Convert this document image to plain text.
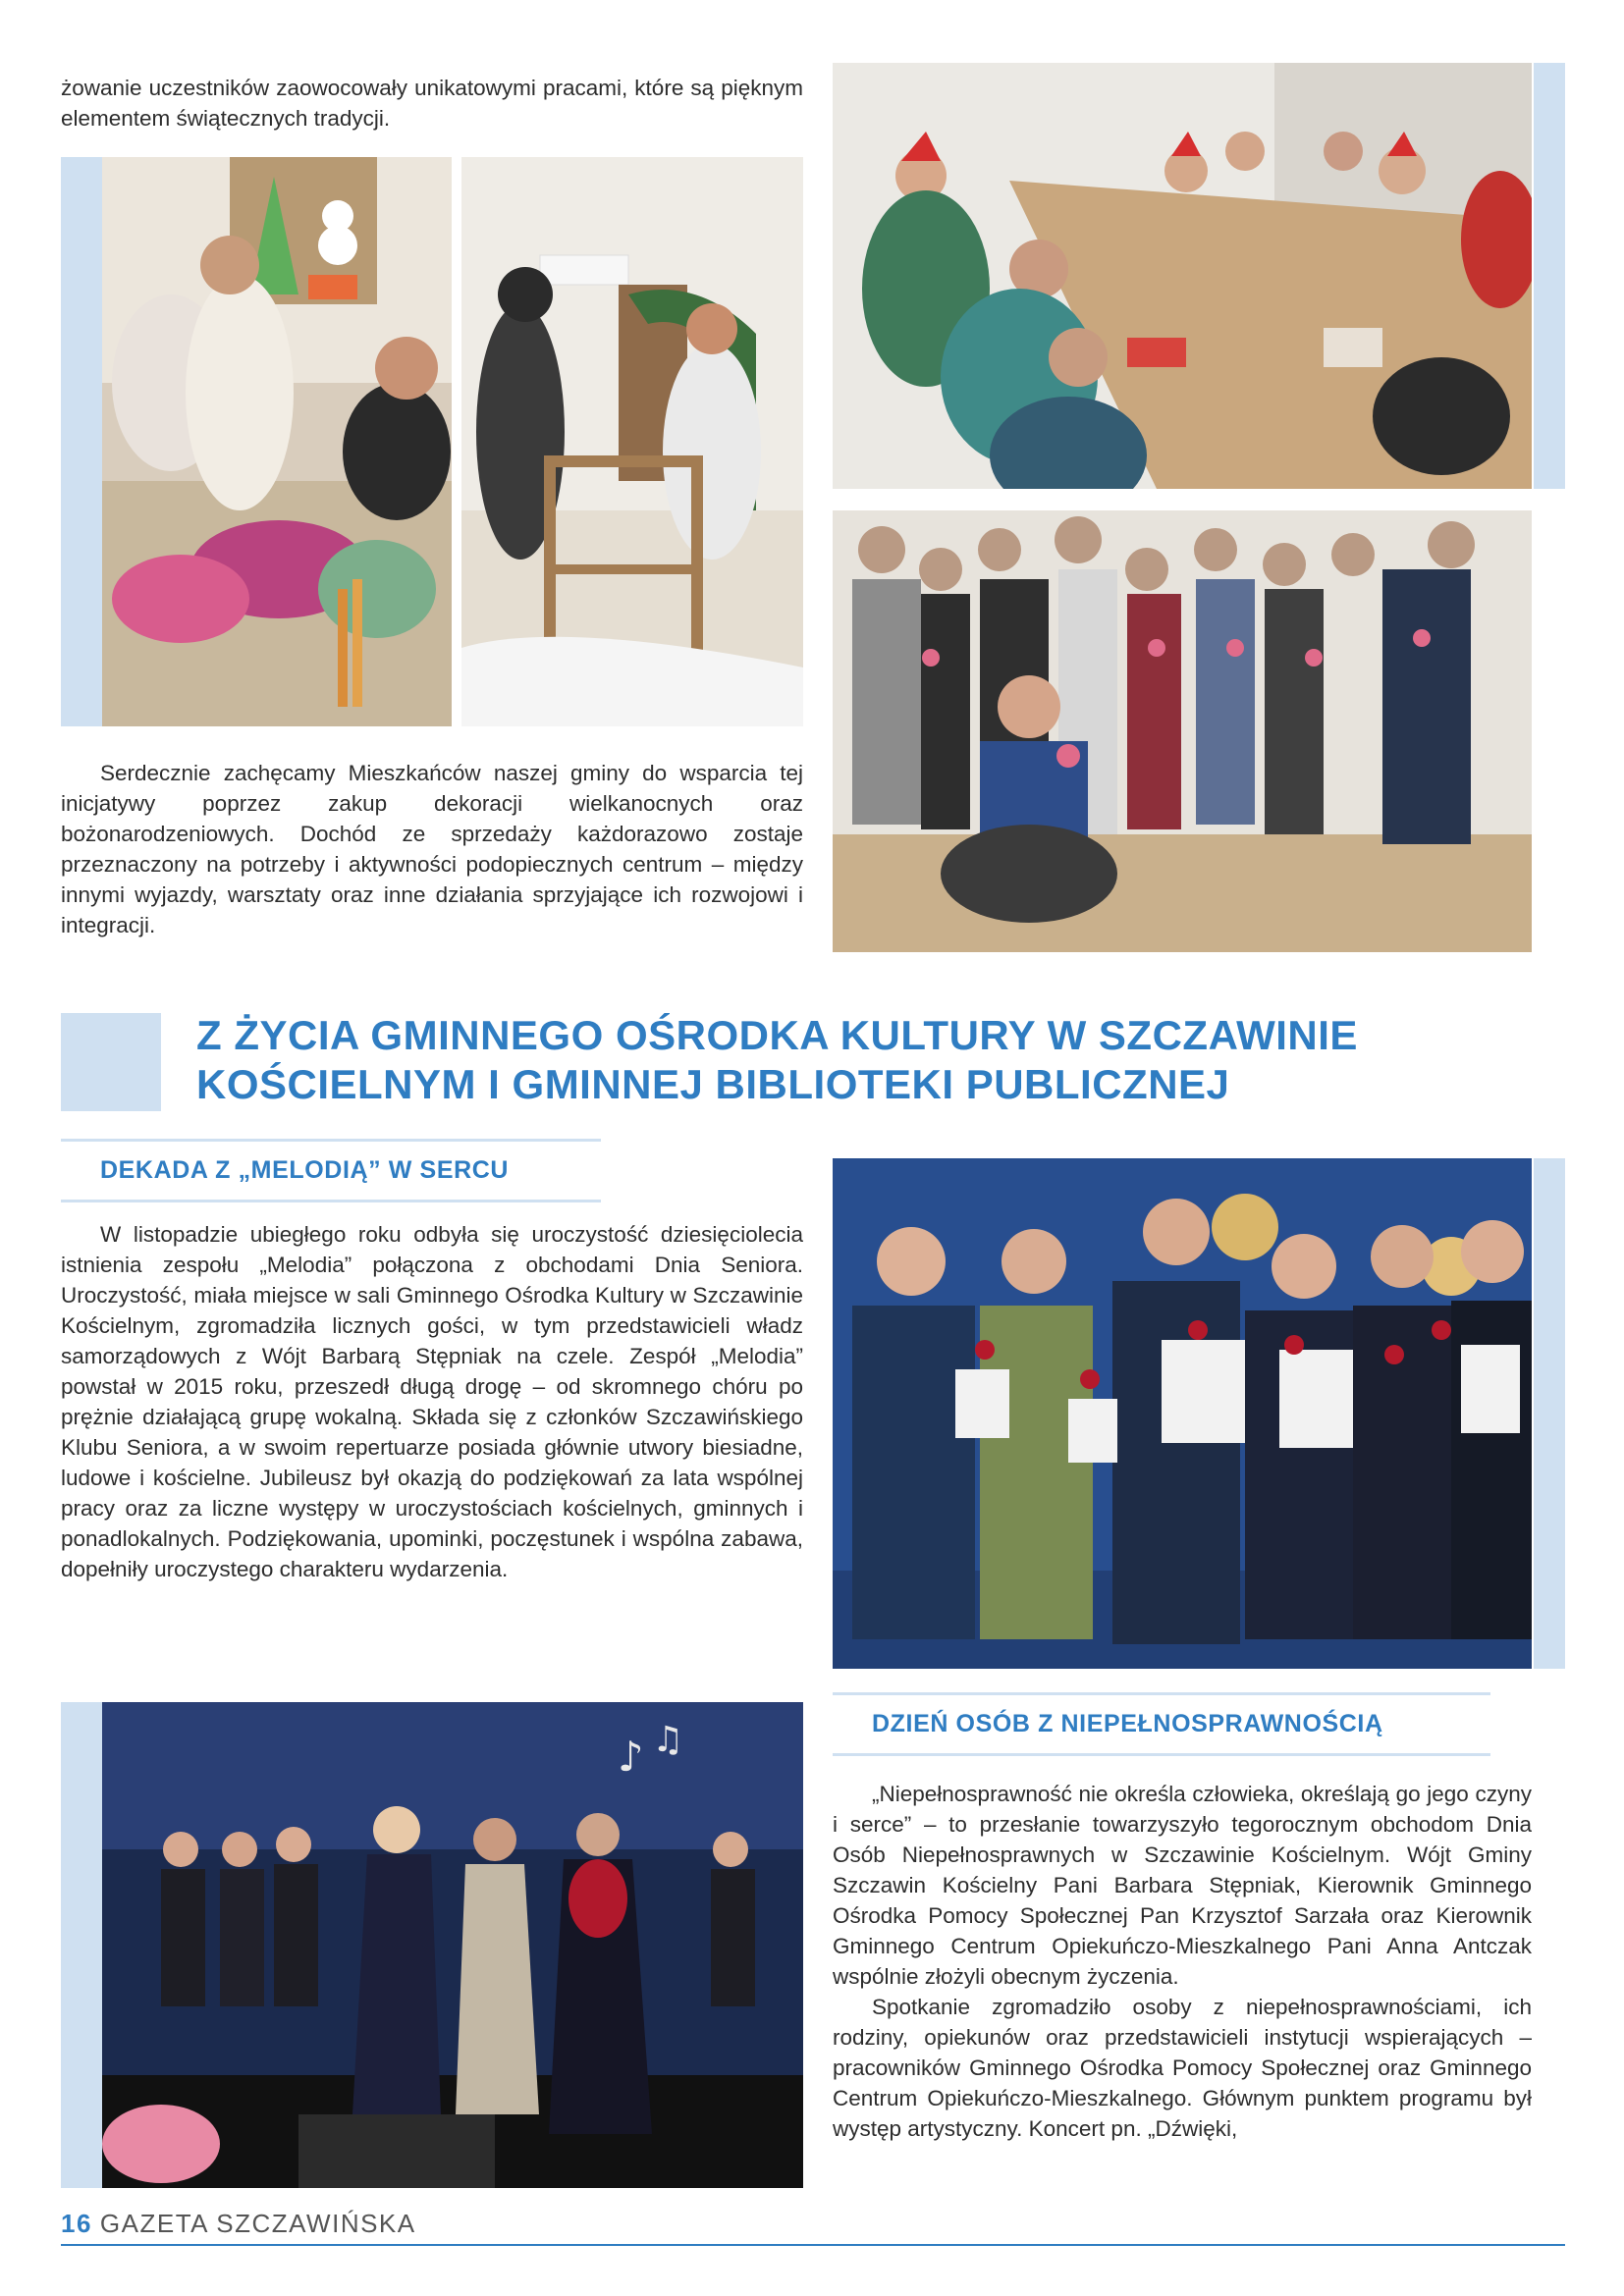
żowanie uczestników zaowocowały unikatowymi pracami, które są pięknym elementem świątecznych tradycji.

Serdecznie zachęcamy Mieszkańców naszej gminy do wsparcia tej inicjatywy poprzez zakup dekoracji wielkanocnych oraz bożonarodzeniowych. Dochód ze sprzedaży każdorazowo zostaje przeznaczony na potrzeby i aktywności podopiecznych centrum – między innymi wyjazdy, warsztaty oraz inne działania sprzyjające ich rozwojowi i integracji.

Z ŻYCIA GMINNEGO OŚRODKA KULTURY W SZCZAWINIE
KOŚCIELNYM I GMINNEJ BIBLIOTEKI PUBLICZNEJ
DEKADA Z „MELODIĄ” W SERCU

W listopadzie ubiegłego roku odbyła się uroczystość dziesięciolecia istnienia zespołu „Melodia” połączona z obchodami Dnia Seniora. Uroczystość, miała miejsce w sali Gminnego Ośrodka Kultury w Szczawinie Kościelnym, zgromadziła licznych gości, w tym przedstawicieli władz samorządowych z Wójt Barbarą Stępniak na czele. Zespół „Melodia” powstał w 2015 roku, przeszedł długą drogę – od skromnego chóru po prężnie działającą grupę wokalną. Składa się z członków Szczawińskiego Klubu Seniora, a w swoim repertuarze posiada głównie utwory biesiadne, ludowe i kościelne. Jubileusz był okazją do podziękowań za lata wspólnej pracy oraz za liczne występy w uroczystościach kościelnych, gminnych i ponadlokalnych. Podziękowania, upominki, poczęstunek i wspólna zabawa, dopełniły uroczystego charakteru wydarzenia.

DZIEŃ OSÓB Z NIEPEŁNOSPRAWNOŚCIĄ
♪ ♫

„Niepełnosprawność nie określa człowieka, określają go jego czyny i serce” – to przesłanie towarzyszyło tegorocznym obchodom Dnia Osób Niepełnosprawnych w Szczawinie Kościelnym. Wójt Gminy Szczawin Kościelny Pani Barbara Stępniak, Kierownik Gminnego Ośrodka Pomocy Społecznej Pan Krzysztof Sarzała oraz Kierownik Gminnego Centrum Opiekuńczo-Mieszkalnego Pani Anna Antczak wspólnie złożyli obecnym życzenia.

Spotkanie zgromadziło osoby z niepełnosprawnościami, ich rodziny, opiekunów oraz przedstawicieli instytucji wspierających – pracowników Gminnego Ośrodka Pomocy Społecznej oraz Gminnego Centrum Opiekuńczo-Mieszkalnego. Głównym punktem programu był występ artystyczny. Koncert pn. „Dźwięki,

16 GAZETA SZCZAWIŃSKA
